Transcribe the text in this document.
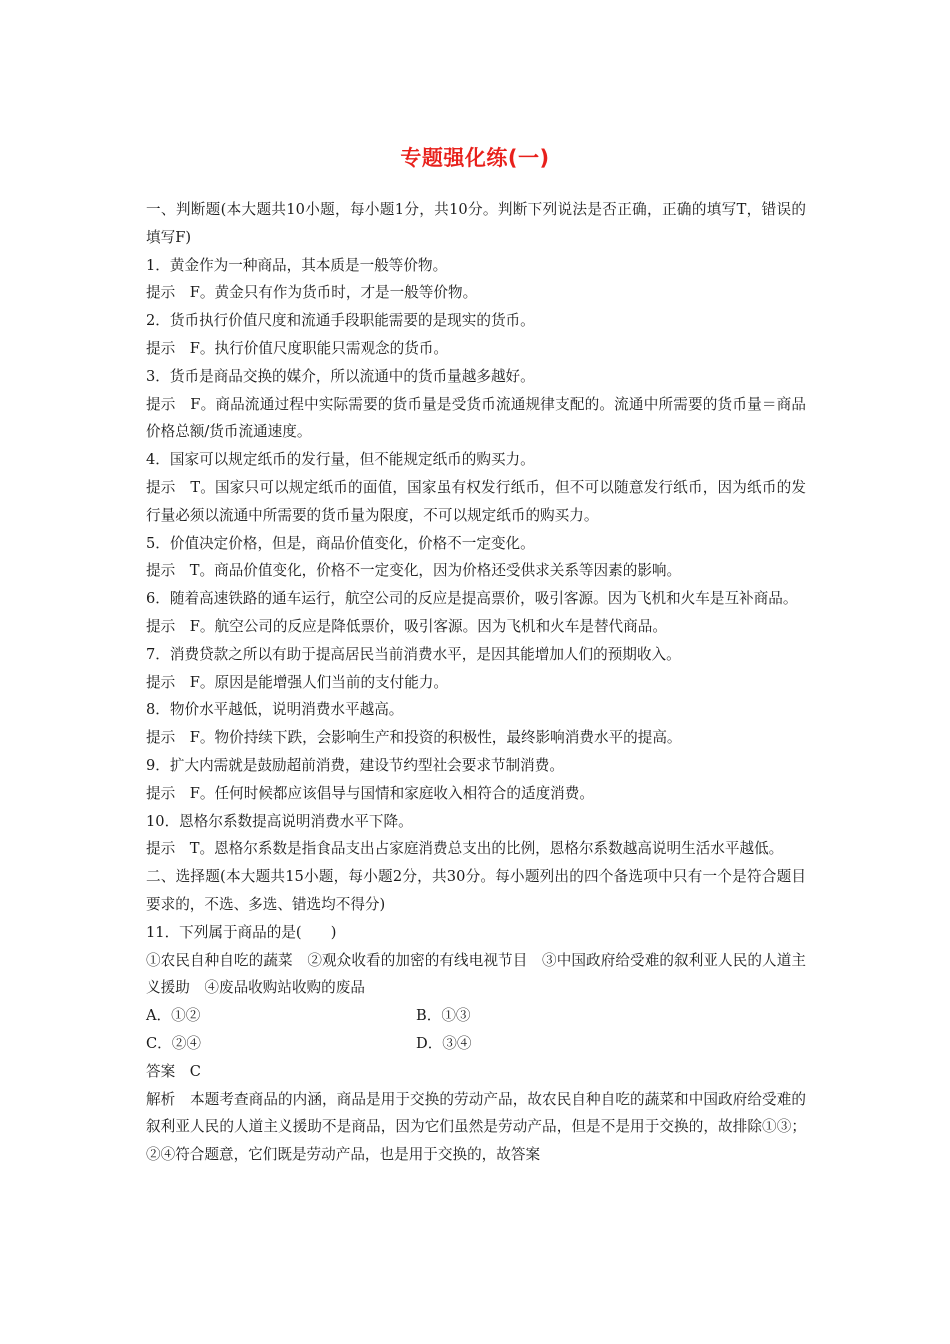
专题强化练(一)

一、判断题(本大题共10小题，每小题1分，共10分。判断下列说法是否正确，正确的填写T，错误的填写F)

1．黄金作为一种商品，其本质是一般等价物。

提示　F。黄金只有作为货币时，才是一般等价物。

2．货币执行价值尺度和流通手段职能需要的是现实的货币。

提示　F。执行价值尺度职能只需观念的货币。

3．货币是商品交换的媒介，所以流通中的货币量越多越好。

提示　F。商品流通过程中实际需要的货币量是受货币流通规律支配的。流通中所需要的货币量＝商品价格总额/货币流通速度。

4．国家可以规定纸币的发行量，但不能规定纸币的购买力。

提示　T。国家只可以规定纸币的面值，国家虽有权发行纸币，但不可以随意发行纸币，因为纸币的发行量必须以流通中所需要的货币量为限度，不可以规定纸币的购买力。

5．价值决定价格，但是，商品价值变化，价格不一定变化。

提示　T。商品价值变化，价格不一定变化，因为价格还受供求关系等因素的影响。

6．随着高速铁路的通车运行，航空公司的反应是提高票价，吸引客源。因为飞机和火车是互补商品。

提示　F。航空公司的反应是降低票价，吸引客源。因为飞机和火车是替代商品。

7．消费贷款之所以有助于提高居民当前消费水平，是因其能增加人们的预期收入。

提示　F。原因是能增强人们当前的支付能力。

8．物价水平越低，说明消费水平越高。

提示　F。物价持续下跌，会影响生产和投资的积极性，最终影响消费水平的提高。

9．扩大内需就是鼓励超前消费，建设节约型社会要求节制消费。

提示　F。任何时候都应该倡导与国情和家庭收入相符合的适度消费。

10．恩格尔系数提高说明消费水平下降。

提示　T。恩格尔系数是指食品支出占家庭消费总支出的比例，恩格尔系数越高说明生活水平越低。

二、选择题(本大题共15小题，每小题2分，共30分。每小题列出的四个备选项中只有一个是符合题目要求的，不选、多选、错选均不得分)

11．下列属于商品的是(　　)

①农民自种自吃的蔬菜　②观众收看的加密的有线电视节目　③中国政府给受难的叙利亚人民的人道主义援助　④废品收购站收购的废品

A．①②	B．①③
C．②④	D．③④

答案　C

解析　本题考查商品的内涵，商品是用于交换的劳动产品，故农民自种自吃的蔬菜和中国政府给受难的叙利亚人民的人道主义援助不是商品，因为它们虽然是劳动产品，但是不是用于交换的，故排除①③；②④符合题意，它们既是劳动产品，也是用于交换的，故答案
